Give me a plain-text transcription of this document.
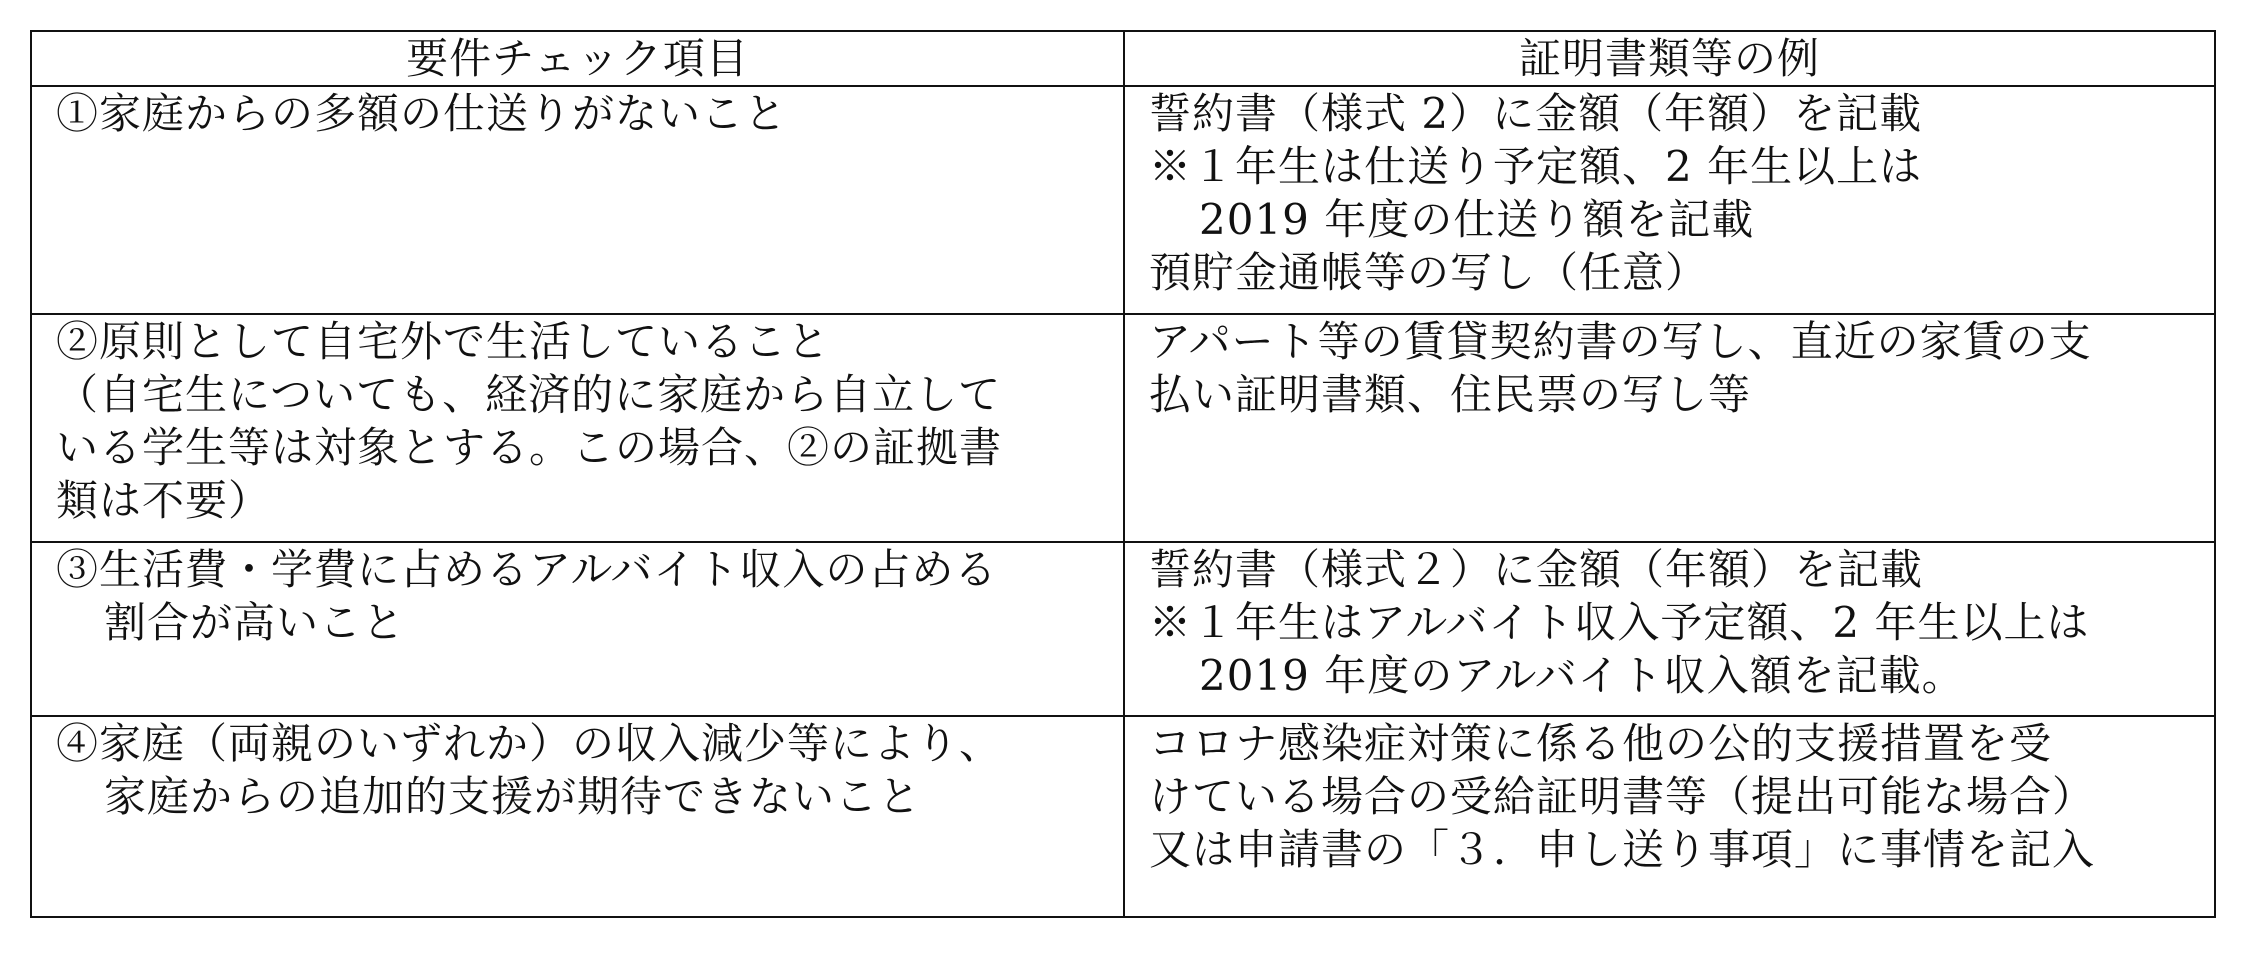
要件チェック項目	証明書類等の例

①家庭からの多額の仕送りがないこと	誓約書（様式 2）に金額（年額）を記載
※１年生は仕送り予定額、2 年生以上は
2019 年度の仕送り額を記載
預貯金通帳等の写し（任意）

②原則として自宅外で生活していること
（自宅生についても、経済的に家庭から自立して
いる学生等は対象とする。この場合、②の証拠書
類は不要）	アパート等の賃貸契約書の写し、直近の家賃の支
払い証明書類、住民票の写し等

③生活費・学費に占めるアルバイト収入の占める
割合が高いこと	誓約書（様式２）に金額（年額）を記載
※１年生はアルバイト収入予定額、2 年生以上は
2019 年度のアルバイト収入額を記載。

④家庭（両親のいずれか）の収入減少等により、
家庭からの追加的支援が期待できないこと	コロナ感染症対策に係る他の公的支援措置を受
けている場合の受給証明書等（提出可能な場合）
又は申請書の「３．申し送り事項」に事情を記入
